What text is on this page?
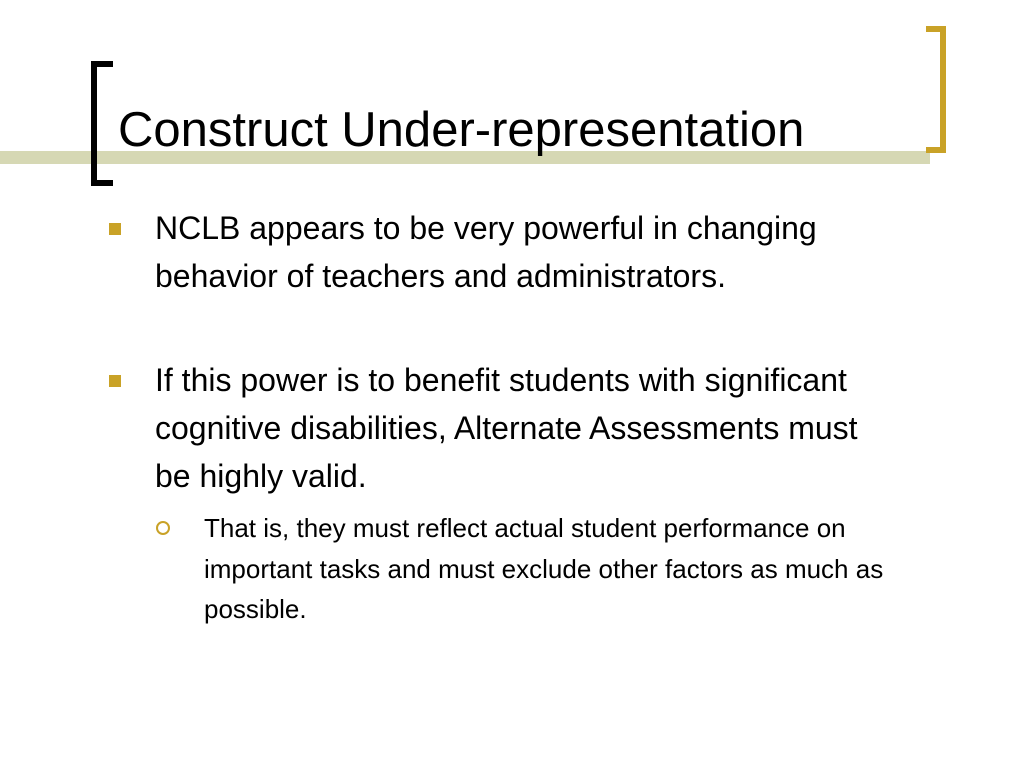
Construct Under-representation
NCLB appears to be very powerful in changing behavior of teachers and administrators.
If this power is to benefit students with significant cognitive disabilities, Alternate Assessments must be highly valid.
That is, they must reflect actual student performance on important tasks and must exclude other factors as much as possible.
